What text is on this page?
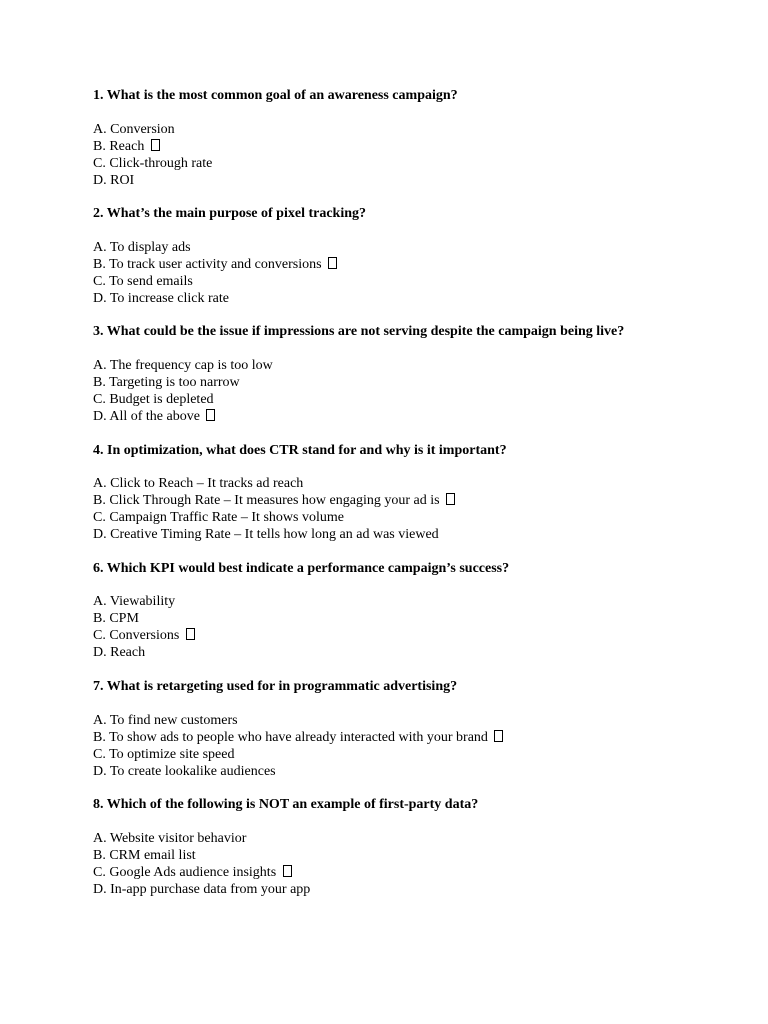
1. What is the most common goal of an awareness campaign?
A. Conversion
B. Reach
C. Click-through rate
D. ROI
2. What’s the main purpose of pixel tracking?
A. To display ads
B. To track user activity and conversions
C. To send emails
D. To increase click rate
3. What could be the issue if impressions are not serving despite the campaign being live?
A. The frequency cap is too low
B. Targeting is too narrow
C. Budget is depleted
D. All of the above
4. In optimization, what does CTR stand for and why is it important?
A. Click to Reach – It tracks ad reach
B. Click Through Rate – It measures how engaging your ad is
C. Campaign Traffic Rate – It shows volume
D. Creative Timing Rate – It tells how long an ad was viewed
6. Which KPI would best indicate a performance campaign’s success?
A. Viewability
B. CPM
C. Conversions
D. Reach
7. What is retargeting used for in programmatic advertising?
A. To find new customers
B. To show ads to people who have already interacted with your brand
C. To optimize site speed
D. To create lookalike audiences
8. Which of the following is NOT an example of first-party data?
A. Website visitor behavior
B. CRM email list
C. Google Ads audience insights
D. In-app purchase data from your app
